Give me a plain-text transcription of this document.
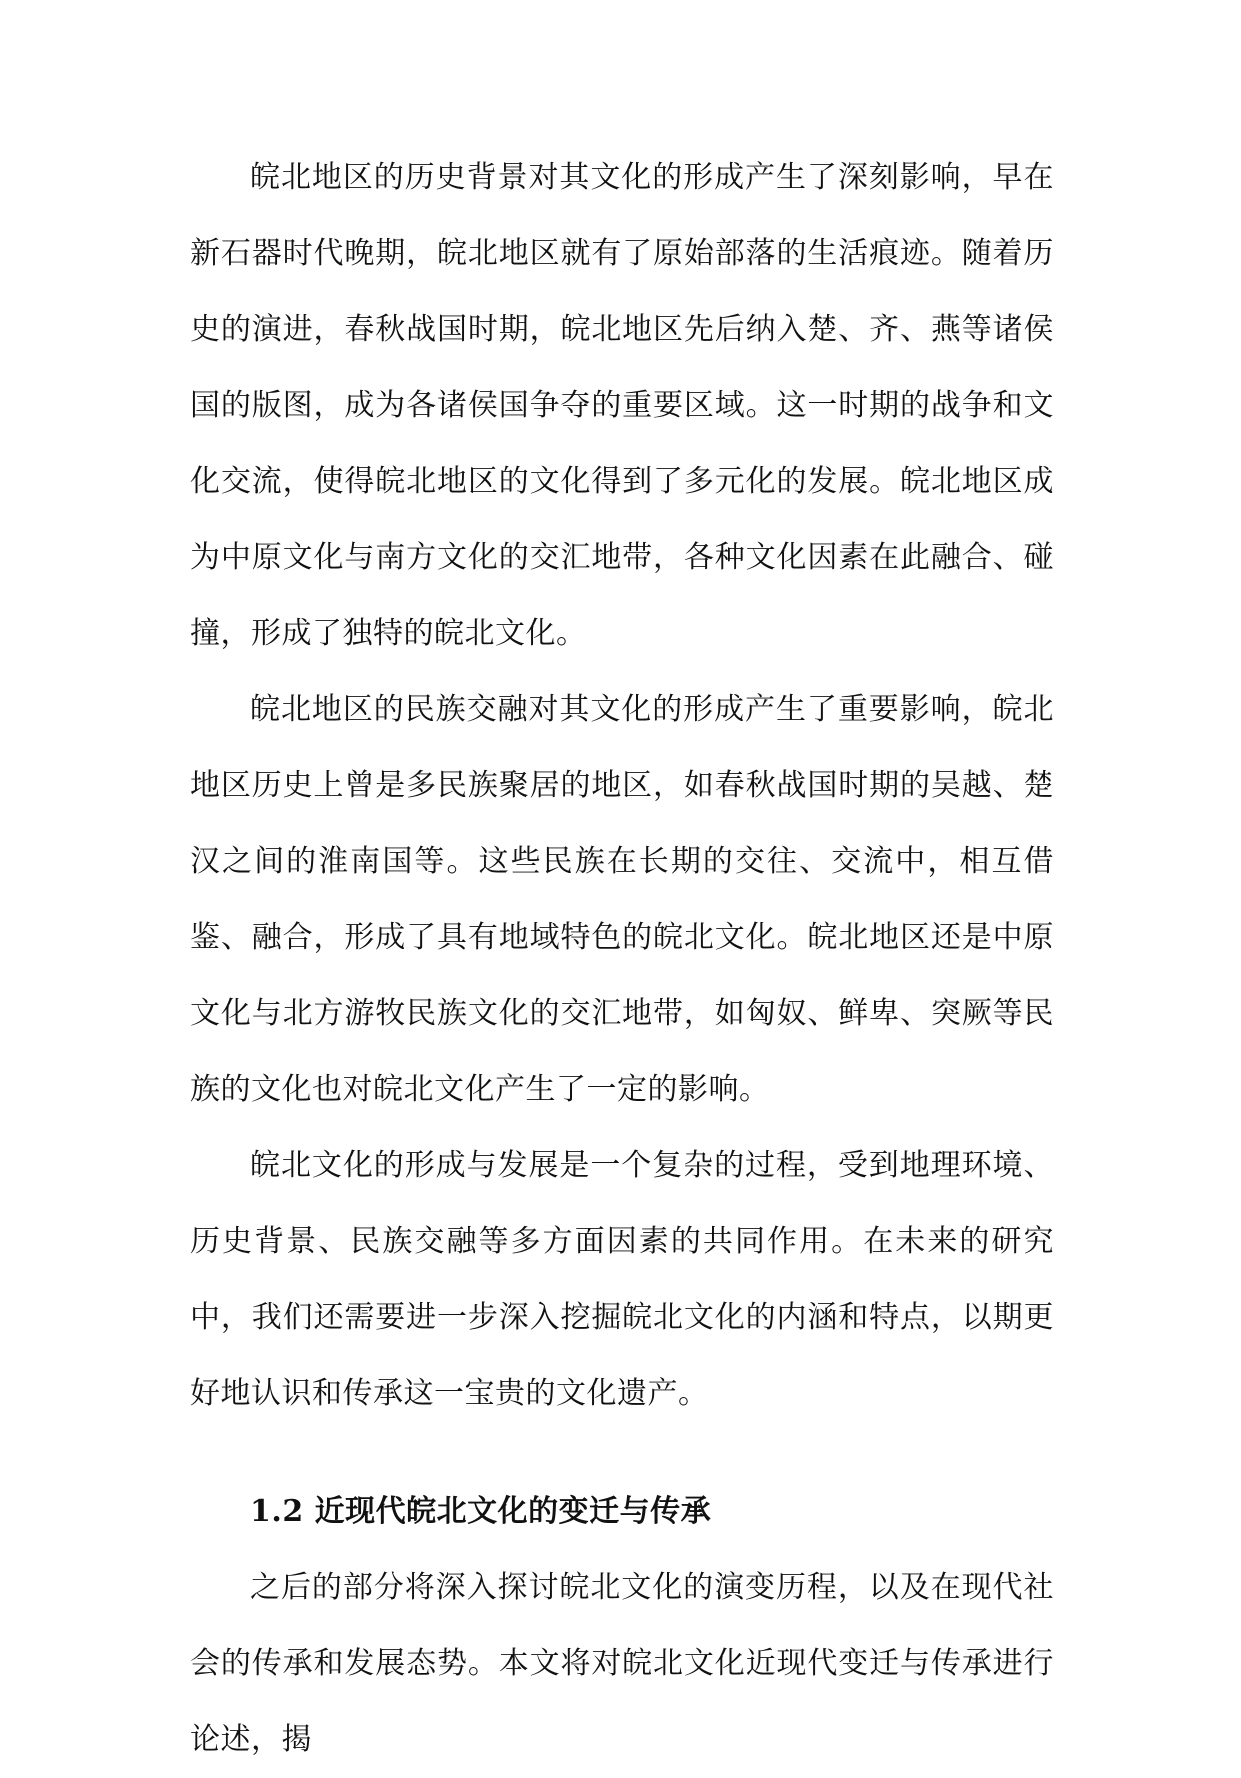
皖北地区的历史背景对其文化的形成产生了深刻影响，早在新石器时代晚期，皖北地区就有了原始部落的生活痕迹。随着历史的演进，春秋战国时期，皖北地区先后纳入楚、齐、燕等诸侯国的版图，成为各诸侯国争夺的重要区域。这一时期的战争和文化交流，使得皖北地区的文化得到了多元化的发展。皖北地区成为中原文化与南方文化的交汇地带，各种文化因素在此融合、碰撞，形成了独特的皖北文化。

皖北地区的民族交融对其文化的形成产生了重要影响，皖北地区历史上曾是多民族聚居的地区，如春秋战国时期的吴越、楚汉之间的淮南国等。这些民族在长期的交往、交流中，相互借鉴、融合，形成了具有地域特色的皖北文化。皖北地区还是中原文化与北方游牧民族文化的交汇地带，如匈奴、鲜卑、突厥等民族的文化也对皖北文化产生了一定的影响。

皖北文化的形成与发展是一个复杂的过程，受到地理环境、历史背景、民族交融等多方面因素的共同作用。在未来的研究中，我们还需要进一步深入挖掘皖北文化的内涵和特点，以期更好地认识和传承这一宝贵的文化遗产。

1.2 近现代皖北文化的变迁与传承

之后的部分将深入探讨皖北文化的演变历程，以及在现代社会的传承和发展态势。本文将对皖北文化近现代变迁与传承进行论述，揭
